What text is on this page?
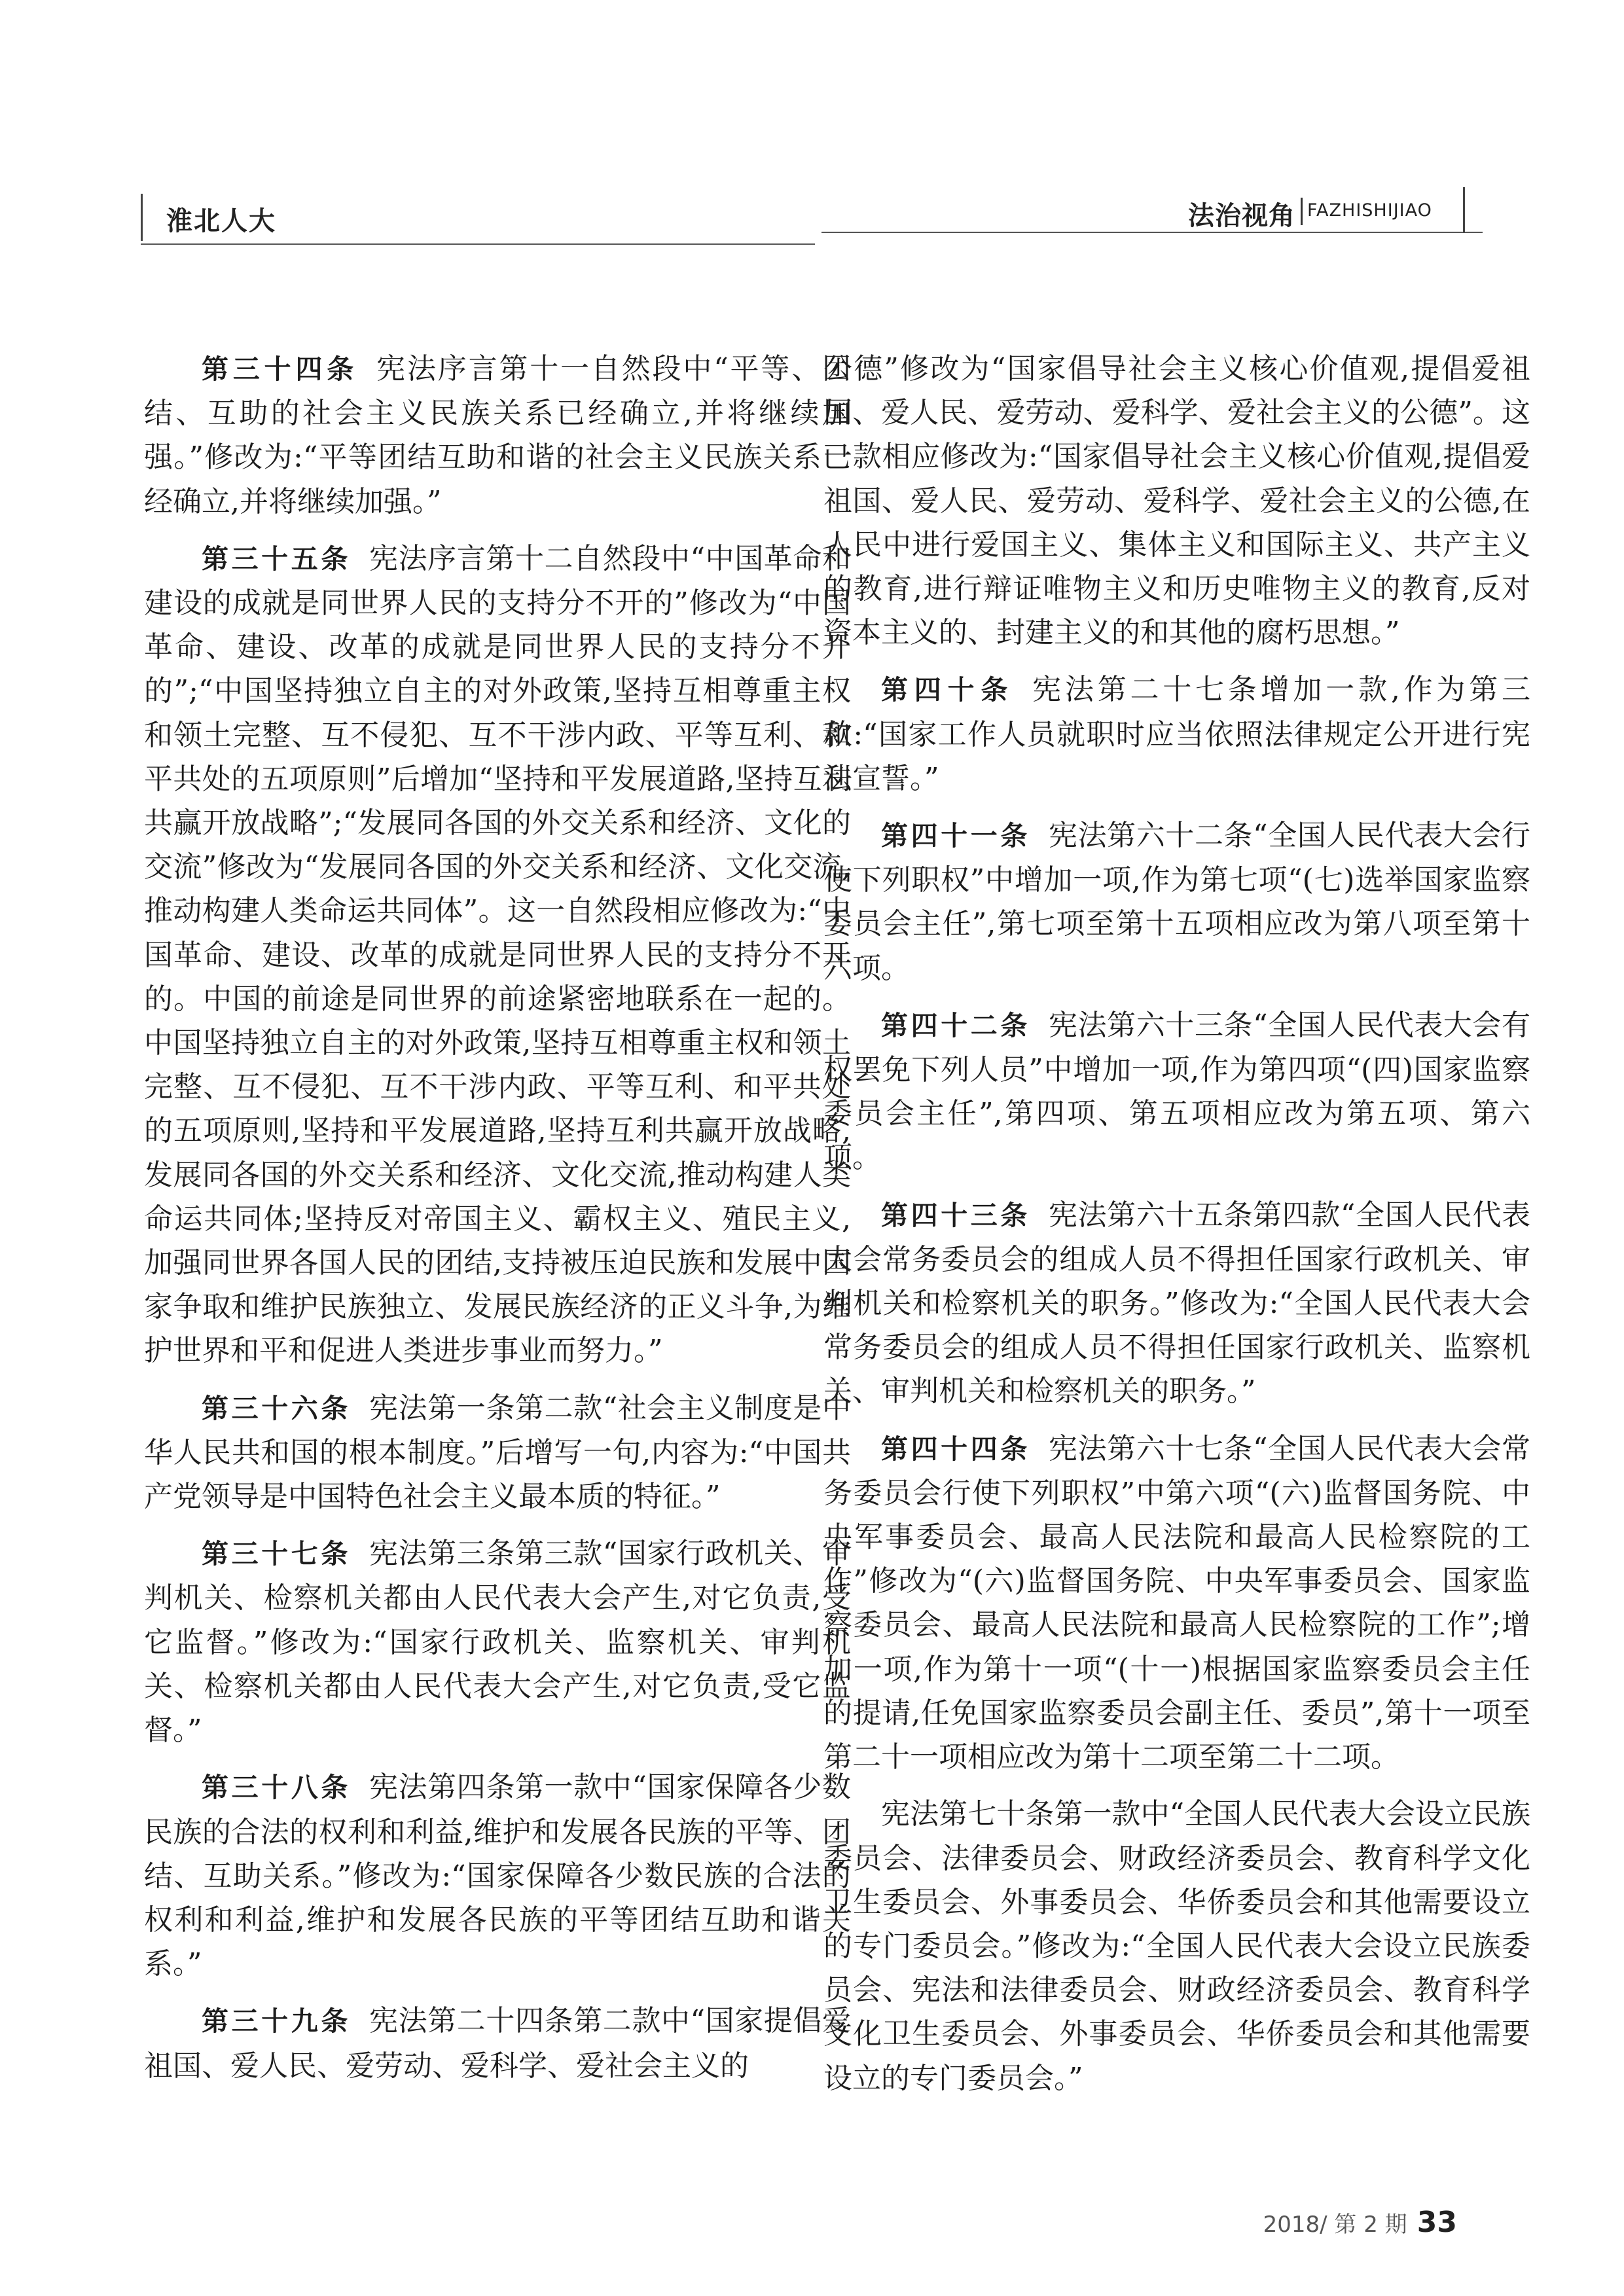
淮北人大	法治视角 FAZHISHIJIAO

第三十四条 宪法序言第十一自然段中“平等、团结、互助的社会主义民族关系已经确立,并将继续加强。”修改为:“平等团结互助和谐的社会主义民族关系已经确立,并将继续加强。”

第三十五条 宪法序言第十二自然段中“中国革命和建设的成就是同世界人民的支持分不开的”修改为“中国革命、建设、改革的成就是同世界人民的支持分不开的”;“中国坚持独立自主的对外政策,坚持互相尊重主权和领土完整、互不侵犯、互不干涉内政、平等互利、和平共处的五项原则”后增加“坚持和平发展道路,坚持互利共赢开放战略”;“发展同各国的外交关系和经济、文化的交流”修改为“发展同各国的外交关系和经济、文化交流,推动构建人类命运共同体”。这一自然段相应修改为:“中国革命、建设、改革的成就是同世界人民的支持分不开的。中国的前途是同世界的前途紧密地联系在一起的。中国坚持独立自主的对外政策,坚持互相尊重主权和领土完整、互不侵犯、互不干涉内政、平等互利、和平共处的五项原则,坚持和平发展道路,坚持互利共赢开放战略,发展同各国的外交关系和经济、文化交流,推动构建人类命运共同体;坚持反对帝国主义、霸权主义、殖民主义,加强同世界各国人民的团结,支持被压迫民族和发展中国家争取和维护民族独立、发展民族经济的正义斗争,为维护世界和平和促进人类进步事业而努力。”

第三十六条 宪法第一条第二款“社会主义制度是中华人民共和国的根本制度。”后增写一句,内容为:“中国共产党领导是中国特色社会主义最本质的特征。”

第三十七条 宪法第三条第三款“国家行政机关、审判机关、检察机关都由人民代表大会产生,对它负责,受它监督。”修改为:“国家行政机关、监察机关、审判机关、检察机关都由人民代表大会产生,对它负责,受它监督。”

第三十八条 宪法第四条第一款中“国家保障各少数民族的合法的权利和利益,维护和发展各民族的平等、团结、互助关系。”修改为:“国家保障各少数民族的合法的权利和利益,维护和发展各民族的平等团结互助和谐关系。”

第三十九条 宪法第二十四条第二款中“国家提倡爱祖国、爱人民、爱劳动、爱科学、爱社会主义的

公德”修改为“国家倡导社会主义核心价值观,提倡爱祖国、爱人民、爱劳动、爱科学、爱社会主义的公德”。这一款相应修改为:“国家倡导社会主义核心价值观,提倡爱祖国、爱人民、爱劳动、爱科学、爱社会主义的公德,在人民中进行爱国主义、集体主义和国际主义、共产主义的教育,进行辩证唯物主义和历史唯物主义的教育,反对资本主义的、封建主义的和其他的腐朽思想。”

第四十条 宪法第二十七条增加一款,作为第三款:“国家工作人员就职时应当依照法律规定公开进行宪法宣誓。”

第四十一条 宪法第六十二条“全国人民代表大会行使下列职权”中增加一项,作为第七项“(七)选举国家监察委员会主任”,第七项至第十五项相应改为第八项至第十六项。

第四十二条 宪法第六十三条“全国人民代表大会有权罢免下列人员”中增加一项,作为第四项“(四)国家监察委员会主任”,第四项、第五项相应改为第五项、第六项。

第四十三条 宪法第六十五条第四款“全国人民代表大会常务委员会的组成人员不得担任国家行政机关、审判机关和检察机关的职务。”修改为:“全国人民代表大会常务委员会的组成人员不得担任国家行政机关、监察机关、审判机关和检察机关的职务。”

第四十四条 宪法第六十七条“全国人民代表大会常务委员会行使下列职权”中第六项“(六)监督国务院、中央军事委员会、最高人民法院和最高人民检察院的工作”修改为“(六)监督国务院、中央军事委员会、国家监察委员会、最高人民法院和最高人民检察院的工作”;增加一项,作为第十一项“(十一)根据国家监察委员会主任的提请,任免国家监察委员会副主任、委员”,第十一项至第二十一项相应改为第十二项至第二十二项。

宪法第七十条第一款中“全国人民代表大会设立民族委员会、法律委员会、财政经济委员会、教育科学文化卫生委员会、外事委员会、华侨委员会和其他需要设立的专门委员会。”修改为:“全国人民代表大会设立民族委员会、宪法和法律委员会、财政经济委员会、教育科学文化卫生委员会、外事委员会、华侨委员会和其他需要设立的专门委员会。”

2018/ 第 2 期 33
